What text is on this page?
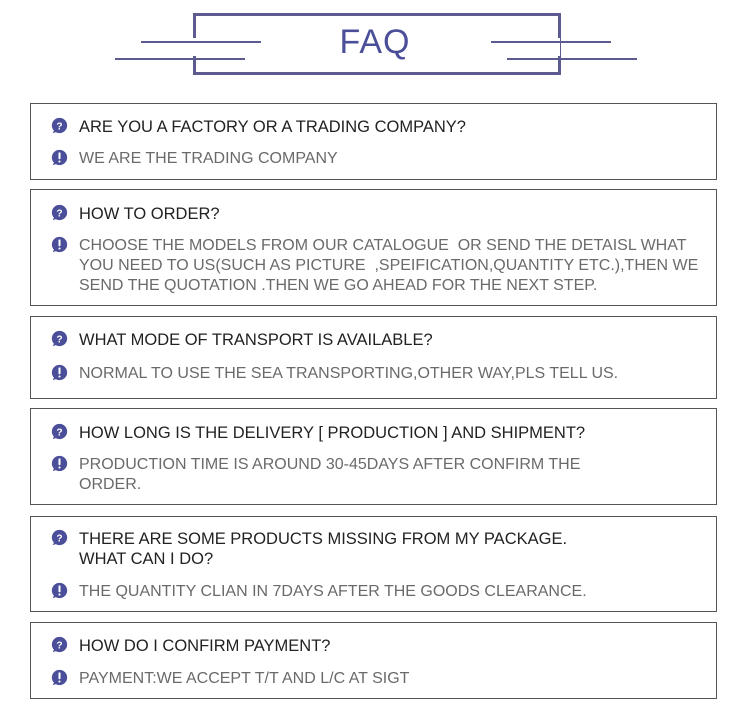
FAQ
? ARE YOU A FACTORY OR A TRADING COMPANY?
WE ARE THE TRADING COMPANY
? HOW TO ORDER?
CHOOSE THE MODELS FROM OUR CATALOGUE  OR SEND THE DETAISL WHAT
YOU NEED TO US(SUCH AS PICTURE  ,SPEIFICATION,QUANTITY ETC.),THEN WE
SEND THE QUOTATION .THEN WE GO AHEAD FOR THE NEXT STEP.
? WHAT MODE OF TRANSPORT IS AVAILABLE?
NORMAL TO USE THE SEA TRANSPORTING,OTHER WAY,PLS TELL US.
? HOW LONG IS THE DELIVERY [ PRODUCTION ] AND SHIPMENT?
PRODUCTION TIME IS AROUND 30-45DAYS AFTER CONFIRM THE
ORDER.
? THERE ARE SOME PRODUCTS MISSING FROM MY PACKAGE.
WHAT CAN I DO?
THE QUANTITY CLIAN IN 7DAYS AFTER THE GOODS CLEARANCE.
? HOW DO I CONFIRM PAYMENT?
PAYMENT:WE ACCEPT T/T AND L/C AT SIGT
